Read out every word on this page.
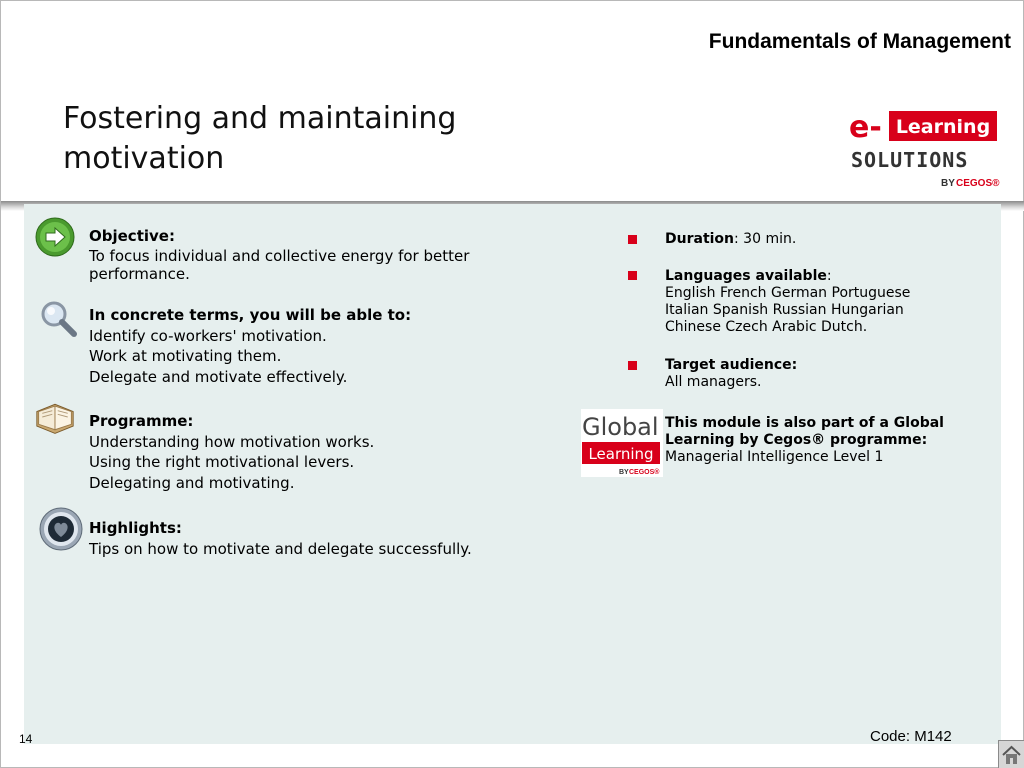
Fundamentals of Management
Fostering and maintaining
motivation
e- Learning
SOLUTIONS
BY CEGOS®
Objective:
To focus individual and collective energy for better
performance.
In concrete terms, you will be able to:
Identify co-workers' motivation.
Work at motivating them.
Delegate and motivate effectively.
Programme:
Understanding how motivation works.
Using the right motivational levers.
Delegating and motivating.
Highlights:
Tips on how to motivate and delegate successfully.
Duration: 30 min.
Languages available:
English French German Portuguese
Italian Spanish Russian Hungarian
Chinese Czech Arabic Dutch.
Target audience:
All managers.
Global
Learning
BY CEGOS®
This module is also part of a Global
Learning by Cegos® programme:
Managerial Intelligence Level 1
14	Code: M142
